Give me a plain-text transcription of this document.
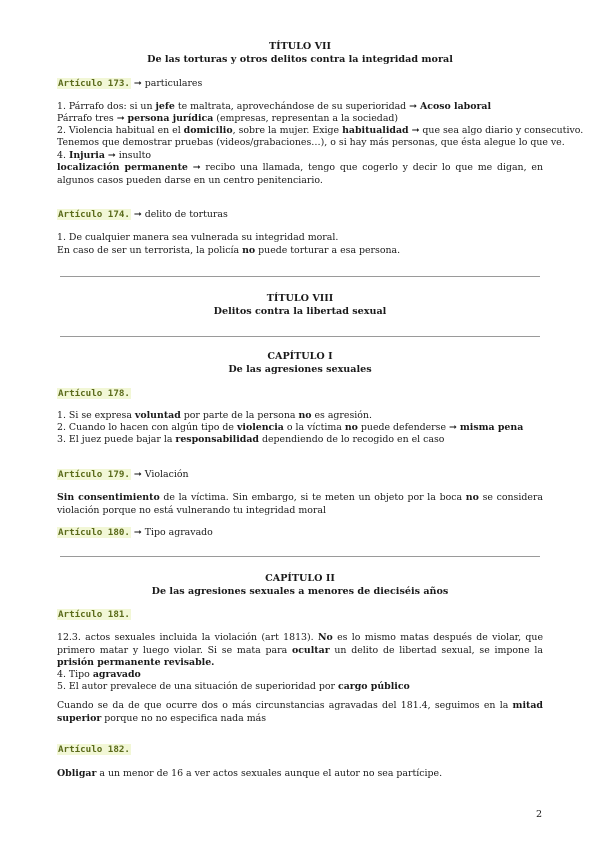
TÍTULO VII
De las torturas y otros delitos contra la integridad moral
Artículo 173. ➞ particulares
1. Párrafo dos: si un jefe te maltrata, aprovechándose de su superioridad ➞ Acoso laboral
Párrafo tres ➞ persona jurídica (empresas, representan a la sociedad)
2. Violencia habitual en el domicilio, sobre la mujer. Exige habitualidad ➞ que sea algo diario y consecutivo.
Tenemos que demostrar pruebas (videos/grabaciones…), o si hay más personas, que ésta alegue lo que ve.
4. Injuria ➞ insulto
localización permanente ➞ recibo una llamada, tengo que cogerlo y decir lo que me digan, en algunos casos pueden darse en un centro penitenciario.
Artículo 174. ➞ delito de torturas
1. De cualquier manera sea vulnerada su integridad moral.
En caso de ser un terrorista, la policía no puede torturar a esa persona.
TÍTULO VIII
Delitos contra la libertad sexual
CAPÍTULO I
De las agresiones sexuales
Artículo 178.
1. Si se expresa voluntad por parte de la persona no es agresión.
2. Cuando lo hacen con algún tipo de violencia o la víctima no puede defenderse ➞ misma pena
3. El juez puede bajar la responsabilidad dependiendo de lo recogido en el caso
Artículo 179. ➞ Violación
Sin consentimiento de la víctima. Sin embargo, si te meten un objeto por la boca no se considera violación porque no está vulnerando tu integridad moral
Artículo 180. ➞ Tipo agravado
CAPÍTULO II
De las agresiones sexuales a menores de dieciséis años
Artículo 181.
12.3. actos sexuales incluida la violación (art 1813). No es lo mismo matas después de violar, que primero matar y luego violar. Si se mata para ocultar un delito de libertad sexual, se impone la prisión permanente revisable.
4. Tipo agravado
5. El autor prevalece de una situación de superioridad por cargo público
Cuando se da de que ocurre dos o más circunstancias agravadas del 181.4, seguimos en la mitad superior porque no no especifica nada más
Artículo 182.
Obligar a un menor de 16 a ver actos sexuales aunque el autor no sea partícipe.
2
